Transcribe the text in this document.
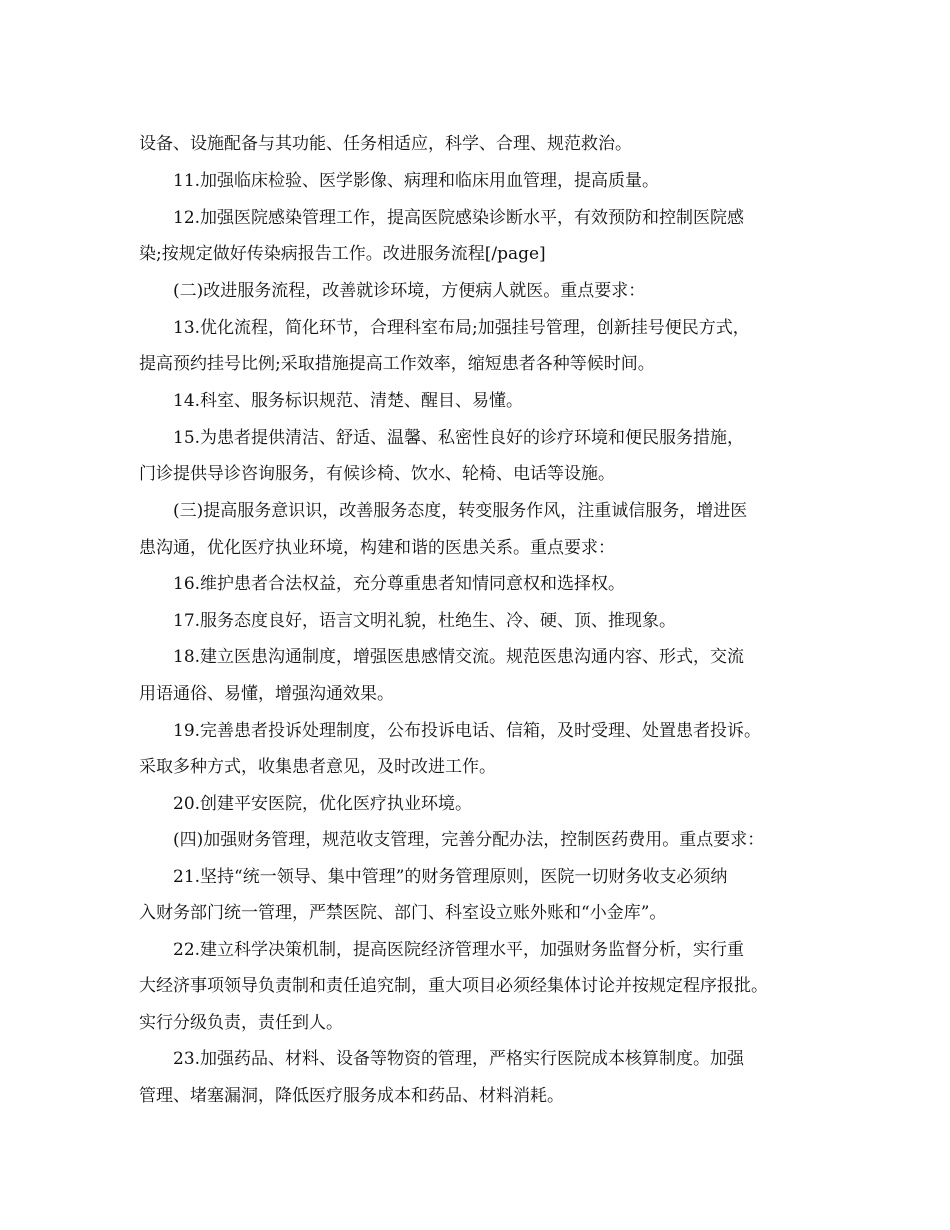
设备、设施配备与其功能、任务相适应，科学、合理、规范救治。
11.加强临床检验、医学影像、病理和临床用血管理，提高质量。
12.加强医院感染管理工作，提高医院感染诊断水平，有效预防和控制医院感
染;按规定做好传染病报告工作。改进服务流程[/page]
(二)改进服务流程，改善就诊环境，方便病人就医。重点要求：
13.优化流程，简化环节，合理科室布局;加强挂号管理，创新挂号便民方式，
提高预约挂号比例;采取措施提高工作效率，缩短患者各种等候时间。
14.科室、服务标识规范、清楚、醒目、易懂。
15.为患者提供清洁、舒适、温馨、私密性良好的诊疗环境和便民服务措施，
门诊提供导诊咨询服务，有候诊椅、饮水、轮椅、电话等设施。
(三)提高服务意识识，改善服务态度，转变服务作风，注重诚信服务，增进医
患沟通，优化医疗执业环境，构建和谐的医患关系。重点要求：
16.维护患者合法权益，充分尊重患者知情同意权和选择权。
17.服务态度良好，语言文明礼貌，杜绝生、冷、硬、顶、推现象。
18.建立医患沟通制度，增强医患感情交流。规范医患沟通内容、形式，交流
用语通俗、易懂，增强沟通效果。
19.完善患者投诉处理制度，公布投诉电话、信箱，及时受理、处置患者投诉。
采取多种方式，收集患者意见，及时改进工作。
20.创建平安医院，优化医疗执业环境。
(四)加强财务管理，规范收支管理，完善分配办法，控制医药费用。重点要求：
21.坚持“统一领导、集中管理”的财务管理原则，医院一切财务收支必须纳
入财务部门统一管理，严禁医院、部门、科室设立账外账和“小金库”。
22.建立科学决策机制，提高医院经济管理水平，加强财务监督分析，实行重
大经济事项领导负责制和责任追究制，重大项目必须经集体讨论并按规定程序报批。
实行分级负责，责任到人。
23.加强药品、材料、设备等物资的管理，严格实行医院成本核算制度。加强
管理、堵塞漏洞，降低医疗服务成本和药品、材料消耗。
